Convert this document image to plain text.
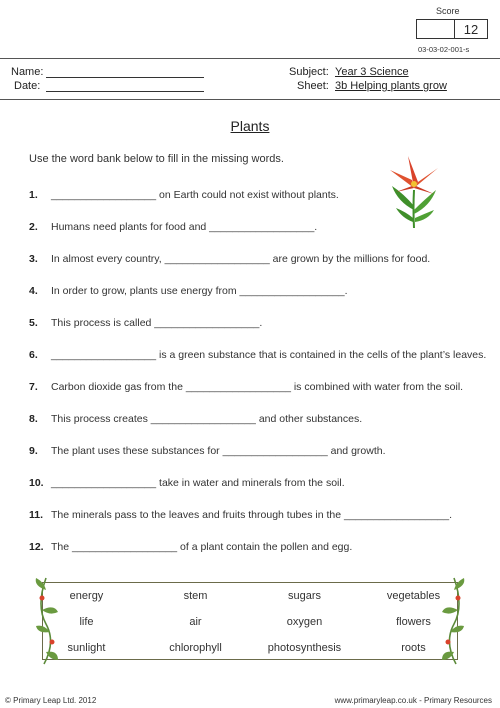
Score
12
03-03-02-001-s
Name:
Date:
Subject: Year 3 Science
Sheet: 3b Helping plants grow
Plants
Use the word bank below to fill in the missing words.
1. __________________ on Earth could not exist without plants.
2. Humans need plants for food and __________________.
3. In almost every country, __________________ are grown by the millions for food.
4. In order to grow, plants use energy from __________________.
5. This process is called __________________.
6. __________________ is a green substance that is contained in the cells of the plant’s leaves.
7. Carbon dioxide gas from the __________________ is combined with water from the soil.
8. This process creates __________________ and other substances.
9. The plant uses these substances for __________________ and growth.
10. __________________ take in water and minerals from the soil.
11. The minerals pass to the leaves and fruits through tubes in the __________________.
12. The __________________ of a plant contain the pollen and egg.
energy	stem	sugars	vegetables
life	air	oxygen	flowers
sunlight	chlorophyll	photosynthesis	roots
© Primary Leap Ltd. 2012	www.primaryleap.co.uk - Primary Resources
